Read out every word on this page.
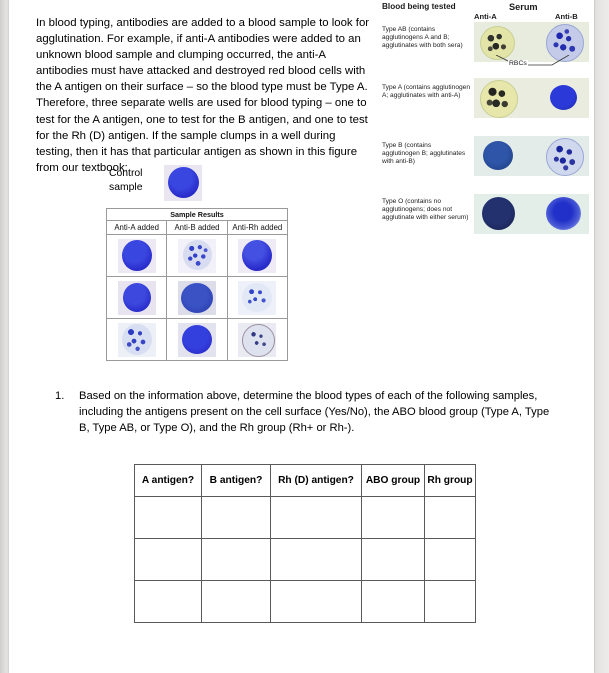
In blood typing, antibodies are added to a blood sample to look for agglutination. For example, if anti-A antibodies were added to an unknown blood sample and clumping occurred, the anti-A antibodies must have attacked and destroyed red blood cells with the A antigen on their surface – so the blood type must be Type A. Therefore, three separate wells are used for blood typing – one to test for the A antigen, one to test for the B antigen, and one to test for the Rh (D) antigen. If the sample clumps in a well during testing, then it has that particular antigen as shown in this figure from our textbook:
Blood being tested	Serum
Anti-A	Anti-B
Type AB (contains agglutinogens A and B; agglutinates with both sera)
RBCs
Type A (contains agglutinogen A; agglutinates with anti-A)
Type B (contains agglutinogen B; agglutinates with anti-B)
Type O (contains no agglutinogens; does not agglutinate with either serum)
Control sample
Sample Results		
Anti-A added	Anti-B added	Anti-Rh added

1.	Based on the information above, determine the blood types of each of the following samples, including the antigens present on the cell surface (Yes/No), the ABO blood group (Type A, Type B, Type AB, or Type O), and the Rh group (Rh+ or Rh-).
A antigen?	B antigen?	Rh (D) antigen?	ABO group	Rh group
